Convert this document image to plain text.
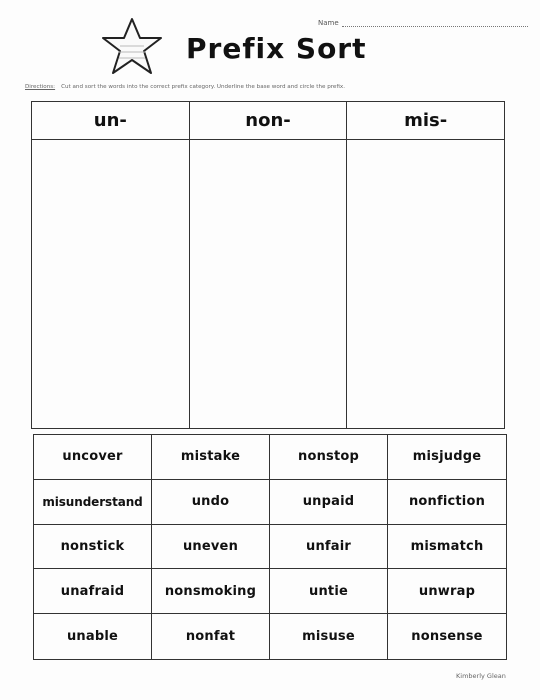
Prefix Sort
Name
Directions: Cut and sort the words into the correct prefix category. Underline the base word and circle the prefix.
un-	non-	mis-
uncover	mistake	nonstop	misjudge
misunderstand	undo	unpaid	nonfiction
nonstick	uneven	unfair	mismatch
unafraid	nonsmoking	untie	unwrap
unable	nonfat	misuse	nonsense
Kimberly Glean
